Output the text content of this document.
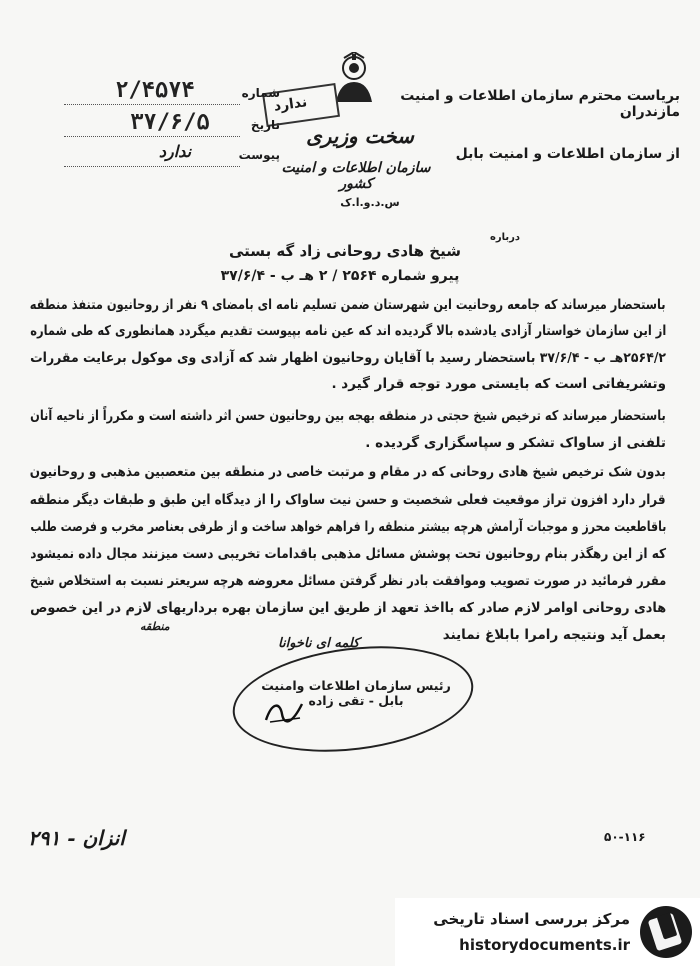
سخت وزیری
سازمان اطلاعات و امنیت کشور
س.د.و.ا.ک
ندارد	بریاست محترم سازمان اطلاعات و امنیت مازندران
از سازمان اطلاعات و امنیت بابل
شماره
۲/۴۵۷۴
تاریخ
۳۷/۶/۵
پیوست
ندارد
درباره
شیخ هادی روحانی زاد گه بستی
پیرو شماره ۲۵۶۴ / ۲ هـ ب - ۳۷/۶/۴
باستحضار میرساند که جامعه روحانیت این شهرستان ضمن تسلیم نامه ای بامضای ۹ نفر از روحانیون متنفذ منطقه
از این سازمان خواستار آزادی یادشده بالا گردیده اند که عین نامه بپیوست تقدیم میگردد همانطوری که طی شماره
۲۵۶۴/۲هـ ب - ۳۷/۶/۴ باستحضار رسید با آقایان روحانیون اظهار شد که آزادی وی موکول برعایت مقررات
وتشریفاتی است که بایستی مورد توجه قرار گیرد .
باستحضار میرساند که ترخیص شیخ حجتی در منطقه بهجه بین روحانیون حسن اثر داشته است و مکرراً از ناحیه آنان
تلفنی از ساواک تشکر و سپاسگزاری گردیده .
بدون شک ترخیص شیخ هادی روحانی که در مقام و مرتبت خاصی در منطقه بین متعصبین مذهبی و روحانیون
قرار دارد افزون تراز موقعیت فعلی شخصیت و حسن نیت ساواک را از دیدگاه این طبق و طبقات دیگر منطقه
باقاطعیت محرز و موجبات آرامش هرچه بیشتر منطقه را فراهم خواهد ساخت و از طرفی بعناصر مخرب و فرصت طلب
که از این رهگذر بنام روحانیون تحت پوشش مسائل مذهبی باقدامات تخریبی دست میزنند مجال داده نمیشود
مقرر فرمائید در صورت تصویب وموافقت بادر نظر گرفتن مسائل معروضه هرچه سریعتر نسبت به استخلاص شیخ
هادی روحانی اوامر لازم صادر که بااخذ تعهد از طریق این سازمان بهره برداریهای لازم در این خصوص
بعمل آید ونتیجه رامرا بابلاغ نمایند
منطقه
کلمه ای ناخوانا
رئیس سازمان اطلاعات وامنیت بابل - تقی زاده
۲۹۱ - انزان	۵۰-۱۱۶
مرکز بررسی اسناد تاریخی
historydocuments.ir
